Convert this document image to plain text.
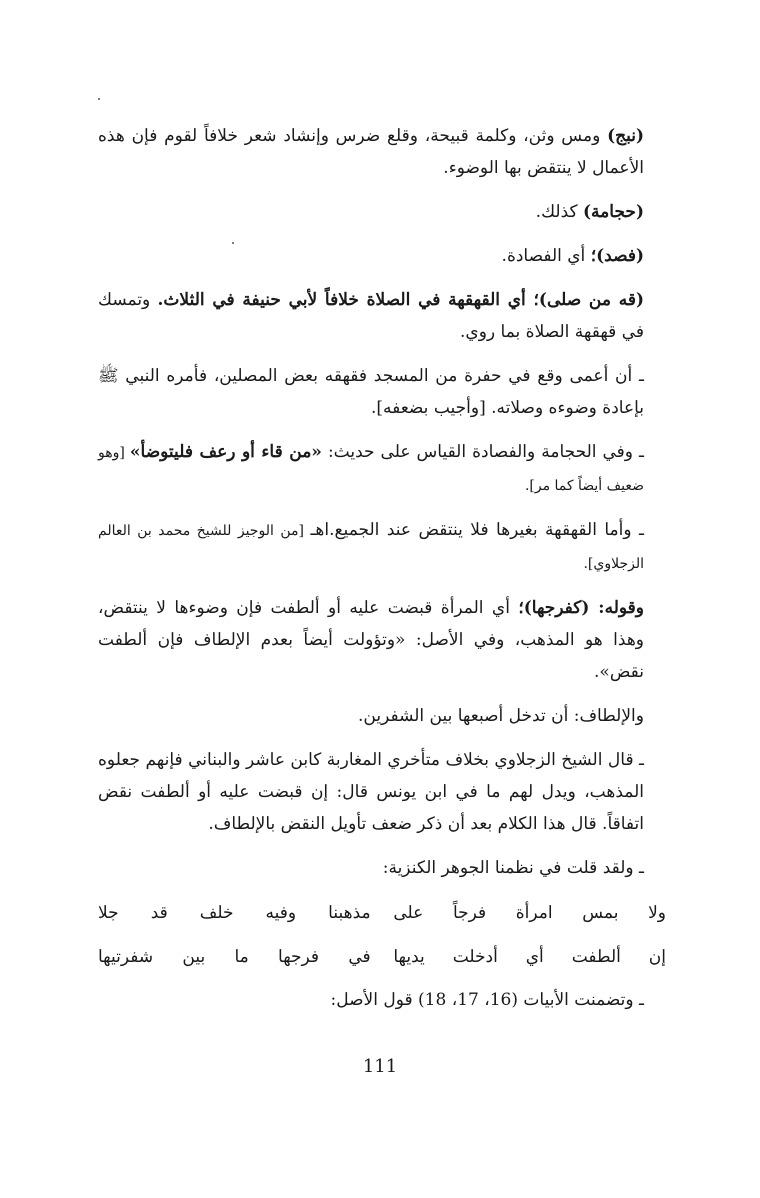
(نبج) ومس وثن، وكلمة قبيحة، وقلع ضرس وإنشاد شعر خلافاً لقوم فإن هذه الأعمال لا ينتقض بها الوضوء.

(حجامة) كذلك.

(فصد)؛ أي الفصادة.

(قه من صلى)؛ أي القهقهة في الصلاة خلافاً لأبي حنيفة في الثلاث. وتمسك في قهقهة الصلاة بما روي.

ـ أن أعمى وقع في حفرة من المسجد فقهقه بعض المصلين، فأمره النبي ﷺ بإعادة وضوءه وصلاته. [وأجيب بضعفه].

ـ وفي الحجامة والفصادة القياس على حديث: «من قاء أو رعف فليتوضأ» [وهو ضعيف أيضاً كما مر].

ـ وأما القهقهة بغيرها فلا ينتقض عند الجميع.اهـ [من الوجيز للشيخ محمد بن العالم الزجلاوي].

وقوله: (كفرجها)؛ أي المرأة قبضت عليه أو ألطفت فإن وضوءها لا ينتقض، وهذا هو المذهب، وفي الأصل: «وتؤولت أيضاً بعدم الإلطاف فإن ألطفت نقض».

والإلطاف: أن تدخل أصبعها بين الشفرين.

ـ قال الشيخ الزجلاوي بخلاف متأخري المغاربة كابن عاشر والبناني فإنهم جعلوه المذهب، ويدل لهم ما في ابن يونس قال: إن قبضت عليه أو ألطفت نقض اتفاقاً. قال هذا الكلام بعد أن ذكر ضعف تأويل النقض بالإلطاف.

ـ ولقد قلت في نظمنا الجوهر الكنزية:

ولا بمس امرأة فرجاً على
مذهبنا وفيه خلف قد جلا
إن ألطفت أي أدخلت يديها
في فرجها ما بين شفرتيها

ـ وتضمنت الأبيات (16، 17، 18) قول الأصل:

111
